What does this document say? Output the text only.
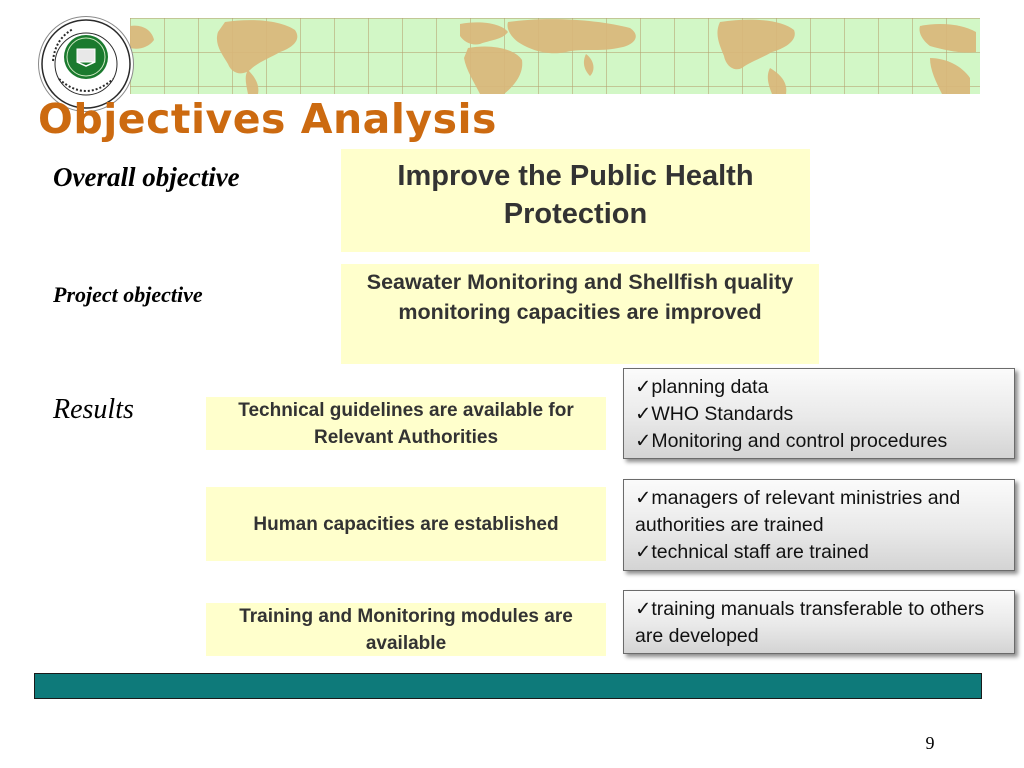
Objectives Analysis
Overall objective
Project objective
Results
Improve the Public Health Protection
Seawater Monitoring and Shellfish quality monitoring capacities are improved
Technical guidelines are available for Relevant Authorities
Human capacities are established
Training and Monitoring modules are available
✓planning data
✓WHO Standards
✓Monitoring and control procedures
✓managers of relevant ministries and authorities are trained
✓technical staff are trained
✓training manuals transferable to others are developed
9
